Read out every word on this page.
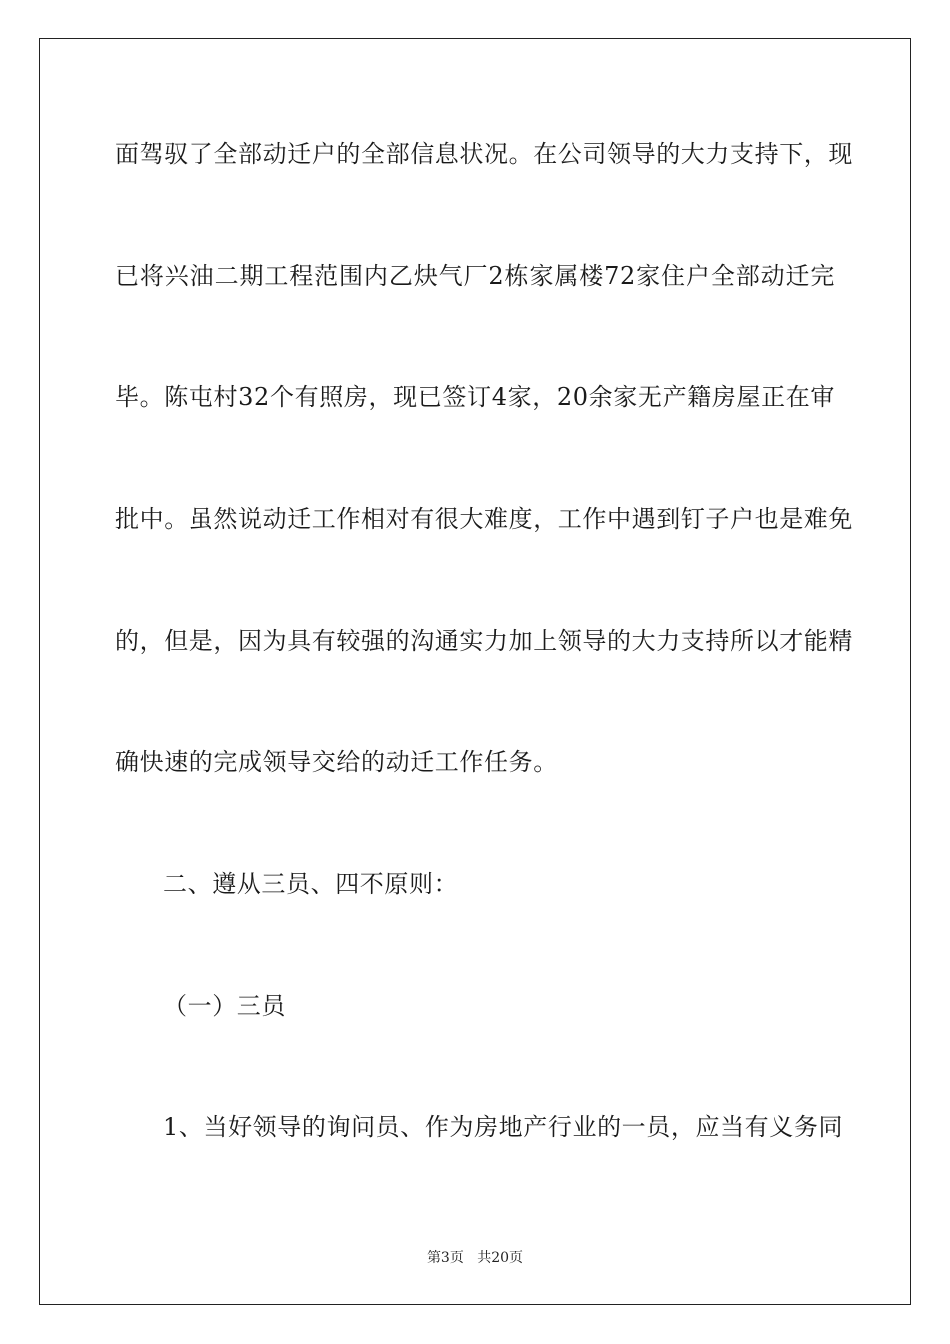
面驾驭了全部动迁户的全部信息状况。在公司领导的大力支持下，现
已将兴油二期工程范围内乙炔气厂2栋家属楼72家住户全部动迁完
毕。陈屯村32个有照房，现已签订4家，20余家无产籍房屋正在审
批中。虽然说动迁工作相对有很大难度，工作中遇到钉子户也是难免
的，但是，因为具有较强的沟通实力加上领导的大力支持所以才能精
确快速的完成领导交给的动迁工作任务。
二、遵从三员、四不原则：
（一）三员
1、当好领导的询问员、作为房地产行业的一员，应当有义务同
第3页 共20页
